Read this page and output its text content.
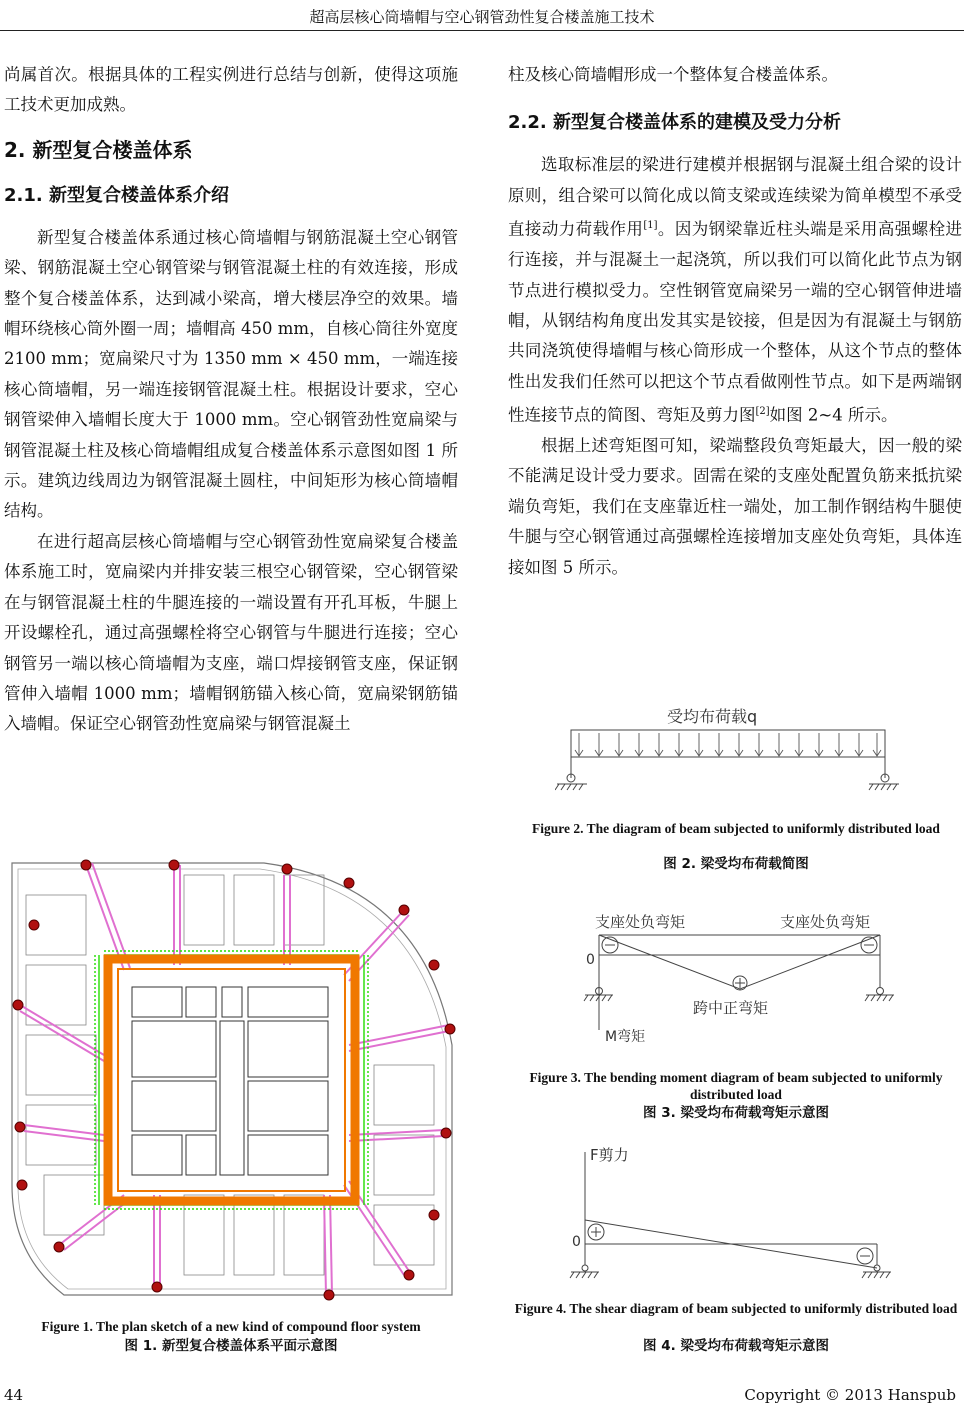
超高层核心筒墙帽与空心钢管劲性复合楼盖施工技术

尚属首次。根据具体的工程实例进行总结与创新，使得这项施工技术更加成熟。

2. 新型复合楼盖体系
2.1. 新型复合楼盖体系介绍

新型复合楼盖体系通过核心筒墙帽与钢筋混凝土空心钢管梁、钢筋混凝土空心钢管梁与钢管混凝土柱的有效连接，形成整个复合楼盖体系，达到减小梁高，增大楼层净空的效果。墙帽环绕核心筒外圈一周；墙帽高 450 mm，自核心筒往外宽度 2100 mm；宽扁梁尺寸为 1350 mm × 450 mm，一端连接核心筒墙帽，另一端连接钢管混凝土柱。根据设计要求，空心钢管梁伸入墙帽长度大于 1000 mm。空心钢管劲性宽扁梁与钢管混凝土柱及核心筒墙帽组成复合楼盖体系示意图如图 1 所示。建筑边线周边为钢管混凝土圆柱，中间矩形为核心筒墙帽结构。

在进行超高层核心筒墙帽与空心钢管劲性宽扁梁复合楼盖体系施工时，宽扁梁内并排安装三根空心钢管梁，空心钢管梁在与钢管混凝土柱的牛腿连接的一端设置有开孔耳板，牛腿上开设螺栓孔，通过高强螺栓将空心钢管与牛腿进行连接；空心钢管另一端以核心筒墙帽为支座，端口焊接钢管支座，保证钢管伸入墙帽 1000 mm；墙帽钢筋锚入核心筒，宽扁梁钢筋锚入墙帽。保证空心钢管劲性宽扁梁与钢管混凝土

Figure 1. The plan sketch of a new kind of compound floor system
图 1. 新型复合楼盖体系平面示意图

柱及核心筒墙帽形成一个整体复合楼盖体系。

2.2. 新型复合楼盖体系的建模及受力分析

选取标准层的梁进行建模并根据钢与混凝土组合梁的设计原则，组合梁可以简化成以简支梁或连续梁为简单模型不承受直接动力荷载作用[1]。因为钢梁靠近柱头端是采用高强螺栓进行连接，并与混凝土一起浇筑，所以我们可以简化此节点为钢节点进行模拟受力。空性钢管宽扁梁另一端的空心钢管伸进墙帽，从钢结构角度出发其实是铰接，但是因为有混凝土与钢筋共同浇筑使得墙帽与核心筒形成一个整体，从这个节点的整体性出发我们任然可以把这个节点看做刚性节点。如下是两端钢性连接节点的简图、弯矩及剪力图[2]如图 2~4 所示。

根据上述弯矩图可知，梁端整段负弯矩最大，因一般的梁不能满足设计受力要求。固需在梁的支座处配置负筋来抵抗梁端负弯矩，我们在支座靠近柱一端处，加工制作钢结构牛腿使牛腿与空心钢管通过高强螺栓连接增加支座处负弯矩，具体连接如图 5 所示。

受均布荷载q
Figure 2. The diagram of beam subjected to uniformly distributed load
图 2. 梁受均布荷载简图
支座处负弯矩	支座处负弯矩
0
跨中正弯矩
M弯矩
Figure 3. The bending moment diagram of beam subjected to uniformly distributed load
图 3. 梁受均布荷载弯矩示意图
F剪力
0
Figure 4. The shear diagram of beam subjected to uniformly distributed load
图 4. 梁受均布荷载弯矩示意图
44	Copyright © 2013 Hanspub
